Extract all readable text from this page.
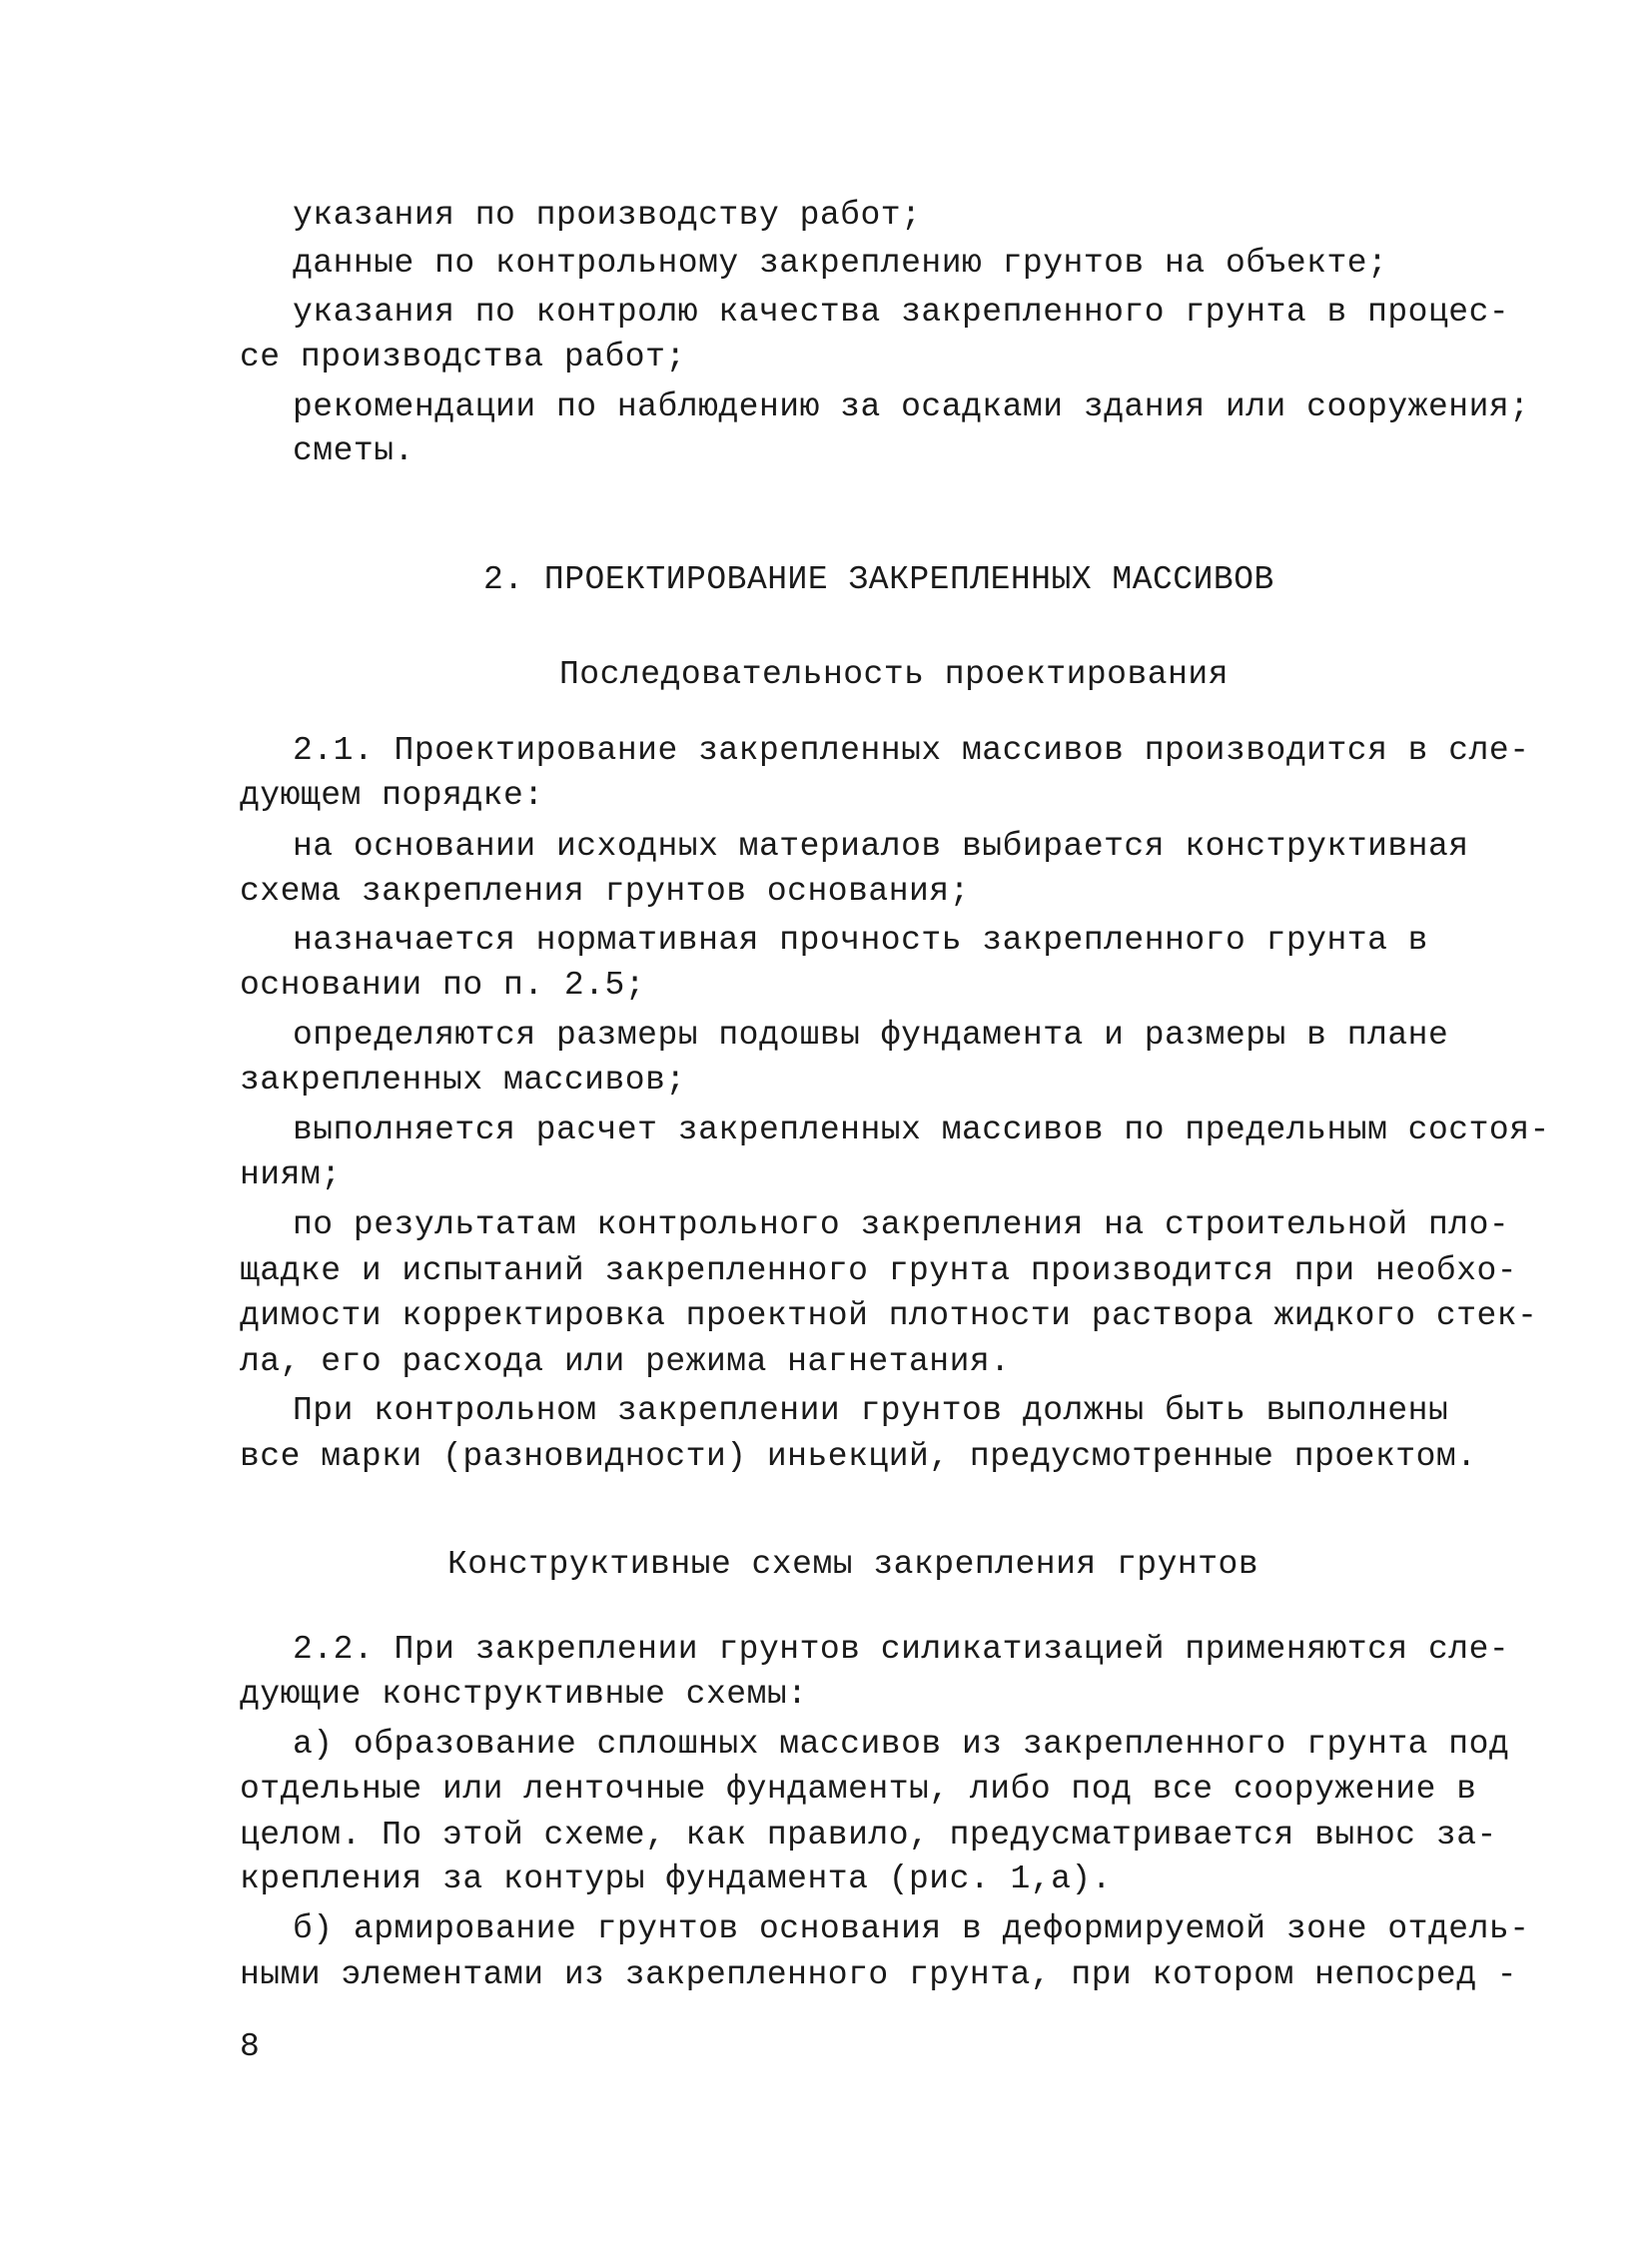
указания по производству работ;
данные по контрольному закреплению грунтов на объекте;
указания по контролю качества закрепленного грунта в процес-
се производства работ;
рекомендации по наблюдению за осадками здания или сооружения;
сметы.
2. ПРОЕКТИРОВАНИЕ ЗАКРЕПЛЕННЫХ МАССИВОВ
Последовательность проектирования
2.1. Проектирование закрепленных массивов производится в сле-
дующем порядке:
на основании исходных материалов выбирается конструктивная
схема закрепления грунтов основания;
назначается нормативная прочность закрепленного грунта в
основании по п. 2.5;
определяются размеры подошвы фундамента и размеры в плане
закрепленных массивов;
выполняется расчет закрепленных массивов по предельным состоя-
ниям;
по результатам контрольного закрепления на строительной пло-
щадке и испытаний закрепленного грунта производится при необхо-
димости корректировка проектной плотности раствора жидкого стек-
ла, его расхода или режима нагнетания.
При контрольном закреплении грунтов должны быть выполнены
все марки (разновидности) иньекций, предусмотренные проектом.
Конструктивные схемы закрепления грунтов
2.2. При закреплении грунтов силикатизацией применяются сле-
дующие конструктивные схемы:
а) образование сплошных массивов из закрепленного грунта под
отдельные или ленточные фундаменты, либо под все сооружение в
целом. По этой схеме, как правило, предусматривается вынос за-
крепления за контуры фундамента (рис. 1,а).
б) армирование грунтов основания в деформируемой зоне отдель-
ными элементами из закрепленного грунта, при котором непосред -
8
